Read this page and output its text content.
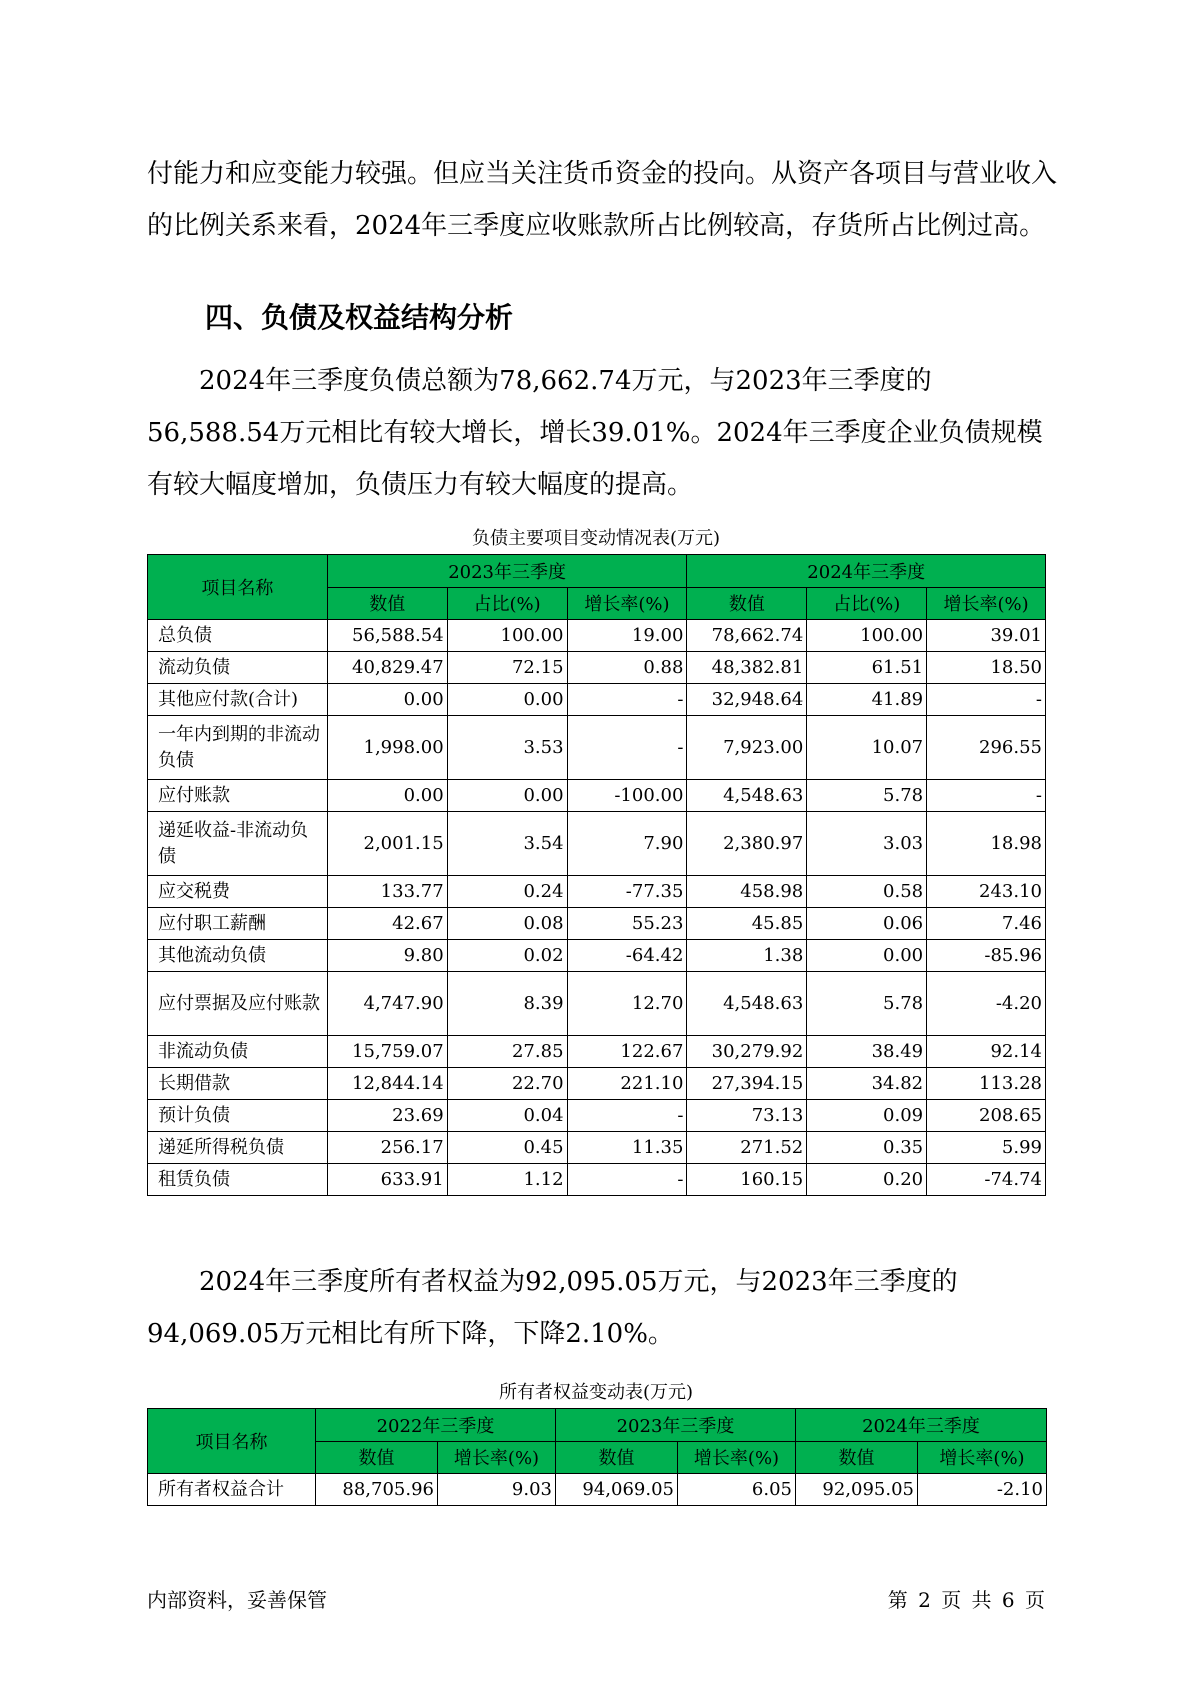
付能力和应变能力较强。但应当关注货币资金的投向。从资产各项目与营业收入的比例关系来看，2024年三季度应收账款所占比例较高，存货所占比例过高。

四、负债及权益结构分析

2024年三季度负债总额为78,662.74万元，与2023年三季度的56,588.54万元相比有较大增长，增长39.01%。2024年三季度企业负债规模有较大幅度增加，负债压力有较大幅度的提高。

负债主要项目变动情况表(万元)
项目名称	2023年三季度			2024年三季度		
	数值	占比(%)	增长率(%)	数值	占比(%)	增长率(%)
总负债	56,588.54	100.00	19.00	78,662.74	100.00	39.01
流动负债	40,829.47	72.15	0.88	48,382.81	61.51	18.50
其他应付款(合计)	0.00	0.00	-	32,948.64	41.89	-
一年内到期的非流动负债	1,998.00	3.53	-	7,923.00	10.07	296.55
应付账款	0.00	0.00	-100.00	4,548.63	5.78	-
递延收益-非流动负债	2,001.15	3.54	7.90	2,380.97	3.03	18.98
应交税费	133.77	0.24	-77.35	458.98	0.58	243.10
应付职工薪酬	42.67	0.08	55.23	45.85	0.06	7.46
其他流动负债	9.80	0.02	-64.42	1.38	0.00	-85.96
应付票据及应付账款	4,747.90	8.39	12.70	4,548.63	5.78	-4.20
非流动负债	15,759.07	27.85	122.67	30,279.92	38.49	92.14
长期借款	12,844.14	22.70	221.10	27,394.15	34.82	113.28
预计负债	23.69	0.04	-	73.13	0.09	208.65
递延所得税负债	256.17	0.45	11.35	271.52	0.35	5.99
租赁负债	633.91	1.12	-	160.15	0.20	-74.74

2024年三季度所有者权益为92,095.05万元，与2023年三季度的94,069.05万元相比有所下降，下降2.10%。

所有者权益变动表(万元)
项目名称	2022年三季度		2023年三季度		2024年三季度	
	数值	增长率(%)	数值	增长率(%)	数值	增长率(%)
所有者权益合计	88,705.96	9.03	94,069.05	6.05	92,095.05	-2.10
内部资料，妥善保管	第 2 页 共 6 页
